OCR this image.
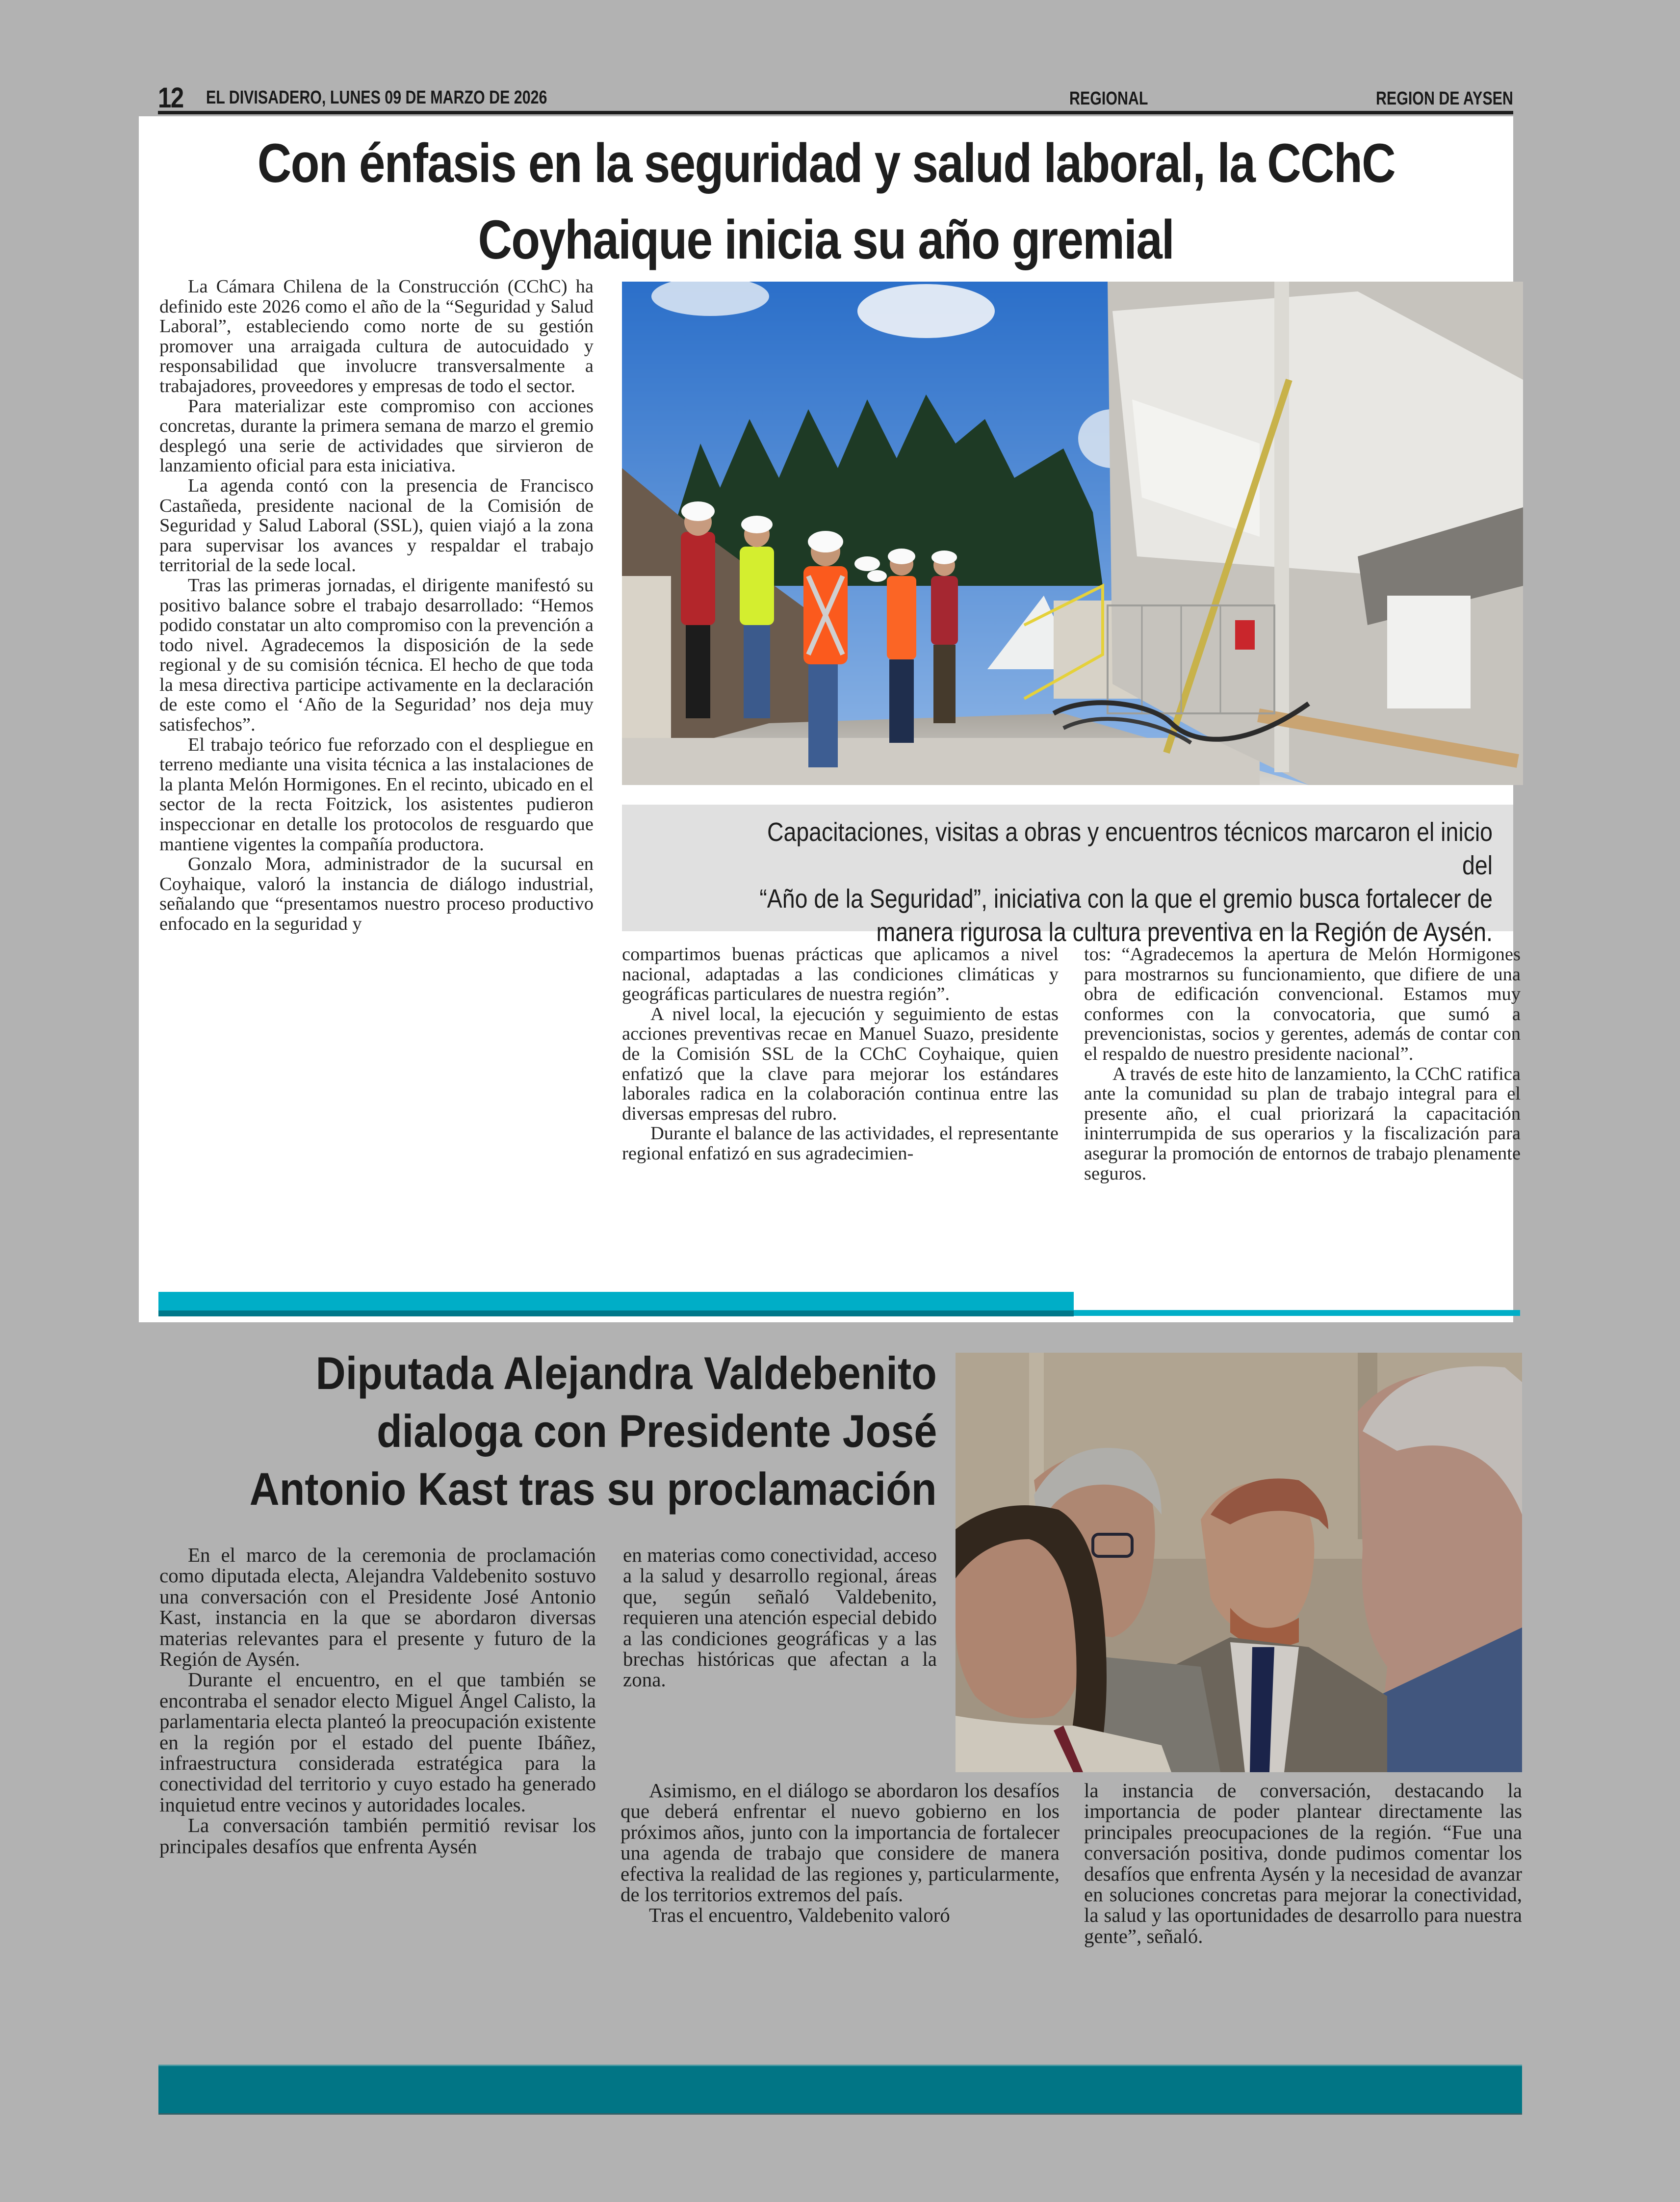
12 EL DIVISADERO, LUNES 09 DE MARZO DE 2026	REGIONAL	REGION DE AYSEN
Con énfasis en la seguridad y salud laboral, la CChC
Coyhaique inicia su año gremial

La Cámara Chilena de la Construcción (CChC) ha definido este 2026 como el año de la “Seguridad y Salud Laboral”, estableciendo como norte de su gestión promover una arraigada cultura de autocuidado y responsabilidad que involucre transversalmente a trabajadores, proveedores y empresas de todo el sector.

Para materializar este compromiso con acciones concretas, durante la primera semana de marzo el gremio desplegó una serie de actividades que sirvieron de lanzamiento oficial para esta iniciativa.

La agenda contó con la presencia de Francisco Castañeda, presidente nacional de la Comisión de Seguridad y Salud Laboral (SSL), quien viajó a la zona para supervisar los avances y respaldar el trabajo territorial de la sede local.

Tras las primeras jornadas, el dirigente manifestó su positivo balance sobre el trabajo desarrollado: “Hemos podido constatar un alto compromiso con la prevención a todo nivel. Agradecemos la disposición de la sede regional y de su comisión técnica. El hecho de que toda la mesa directiva participe activamente en la declaración de este como el ‘Año de la Seguridad’ nos deja muy satisfechos”.

El trabajo teórico fue reforzado con el despliegue en terreno mediante una visita técnica a las instalaciones de la planta Melón Hormigones. En el recinto, ubicado en el sector de la recta Foitzick, los asistentes pudieron inspeccionar en detalle los protocolos de resguardo que mantiene vigentes la compañía productora.

Gonzalo Mora, administrador de la sucursal en Coyhaique, valoró la instancia de diálogo industrial, señalando que “presentamos nuestro proceso productivo enfocado en la seguridad y

Capacitaciones, visitas a obras y encuentros técnicos marcaron el inicio del
“Año de la Seguridad”, iniciativa con la que el gremio busca fortalecer de
manera rigurosa la cultura preventiva en la Región de Aysén.

compartimos buenas prácticas que aplicamos a nivel nacional, adaptadas a las condiciones climáticas y geográficas particulares de nuestra región”.

A nivel local, la ejecución y seguimiento de estas acciones preventivas recae en Manuel Suazo, presidente de la Comisión SSL de la CChC Coyhaique, quien enfatizó que la clave para mejorar los estándares laborales radica en la colaboración continua entre las diversas empresas del rubro.

Durante el balance de las actividades, el representante regional enfatizó en sus agradecimien-

tos: “Agradecemos la apertura de Melón Hormigones para mostrarnos su funcionamiento, que difiere de una obra de edificación convencional. Estamos muy conformes con la convocatoria, que sumó a prevencionistas, socios y gerentes, además de contar con el respaldo de nuestro presidente nacional”.

A través de este hito de lanzamiento, la CChC ratifica ante la comunidad su plan de trabajo integral para el presente año, el cual priorizará la capacitación ininterrumpida de sus operarios y la fiscalización para asegurar la promoción de entornos de trabajo plenamente seguros.

Diputada Alejandra Valdebenito
dialoga con Presidente José
Antonio Kast tras su proclamación

En el marco de la ceremonia de proclamación como diputada electa, Alejandra Valdebenito sostuvo una conversación con el Presidente José Antonio Kast, instancia en la que se abordaron diversas materias relevantes para el presente y futuro de la Región de Aysén.

Durante el encuentro, en el que también se encontraba el senador electo Miguel Ángel Calisto, la parlamentaria electa planteó la preocupación existente en la región por el estado del puente Ibáñez, infraestructura considerada estratégica para la conectividad del territorio y cuyo estado ha generado inquietud entre vecinos y autoridades locales.

La conversación también permitió revisar los principales desafíos que enfrenta Aysén

en materias como conectividad, acceso a la salud y desarrollo regional, áreas que, según señaló Valdebenito, requieren una atención especial debido a las condiciones geográficas y a las brechas históricas que afectan a la zona.

Asimismo, en el diálogo se abordaron los desafíos que deberá enfrentar el nuevo gobierno en los próximos años, junto con la importancia de fortalecer una agenda de trabajo que considere de manera efectiva la realidad de las regiones y, particularmente, de los territorios extremos del país.

Tras el encuentro, Valdebenito valoró

la instancia de conversación, destacando la importancia de poder plantear directamente las principales preocupaciones de la región. “Fue una conversación positiva, donde pudimos comentar los desafíos que enfrenta Aysén y la necesidad de avanzar en soluciones concretas para mejorar la conectividad, la salud y las oportunidades de desarrollo para nuestra gente”, señaló.
